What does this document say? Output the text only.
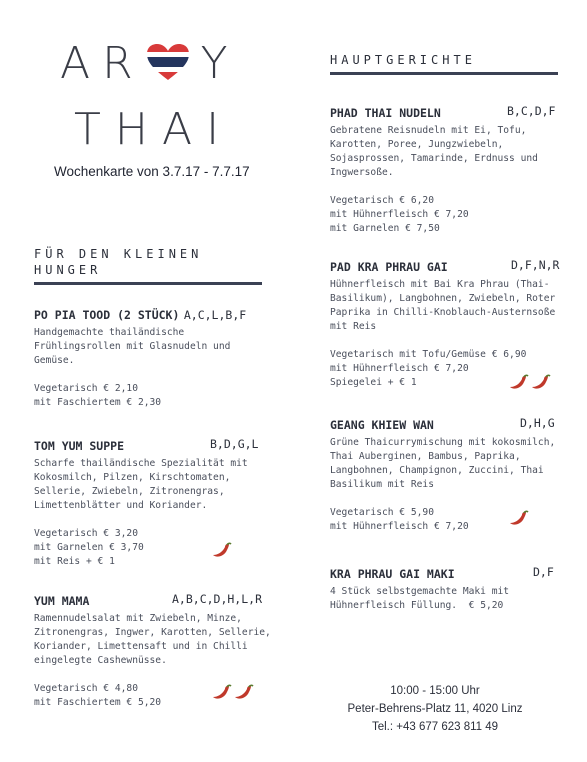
AR Y
THAI
Wochenkarte von 3.7.17 - 7.7.17
FÜR DEN KLEINEN
HUNGER
PO PIA TOOD (2 STÜCK) A,C,L,B,F
Handgemachte thailändische Frühlingsrollen mit Glasnudeln und Gemüse.

Vegetarisch € 2,10

mit Faschiertem € 2,30

TOM YUM SUPPE	B,D,G,L
Scharfe thailändische Spezialität mit Kokosmilch, Pilzen, Kirschtomaten, Sellerie, Zwiebeln, Zitronengras, Limettenblätter und Koriander.

Vegetarisch € 3,20

mit Garnelen € 3,70

mit Reis + € 1

YUM MAMA	A,B,C,D,H,L,R
Ramennudelsalat mit Zwiebeln, Minze, Zitronengras, Ingwer, Karotten, Sellerie, Koriander, Limettensaft und in Chilli eingelegte Cashewnüsse.

Vegetarisch € 4,80

mit Faschiertem € 5,20

HAUPTGERICHTE
PHAD THAI NUDELN	B,C,D,F
Gebratene Reisnudeln mit Ei, Tofu, Karotten, Poree, Jungzwiebeln, Sojasprossen, Tamarinde, Erdnuss und Ingwersoße.

Vegetarisch € 6,20

mit Hühnerfleisch € 7,20

mit Garnelen € 7,50

PAD KRA PHRAU GAI	D,F,N,R
Hühnerfleisch mit Bai Kra Phrau (Thai-Basilikum), Langbohnen, Zwiebeln, Roter Paprika in Chilli-Knoblauch-Austernsoße mit Reis

Vegetarisch mit Tofu/Gemüse € 6,90

mit Hühnerfleisch € 7,20

Spiegelei + € 1

GEANG KHIEW WAN	D,H,G
Grüne Thaicurrymischung mit kokosmilch, Thai Auberginen, Bambus, Paprika, Langbohnen, Champignon, Zuccini, Thai Basilikum mit Reis

Vegetarisch € 5,90

mit Hühnerfleisch € 7,20

KRA PHRAU GAI MAKI	D,F
4 Stück selbstgemachte Maki mit Hühnerfleisch Füllung. € 5,20
10:00 - 15:00 Uhr
Peter-Behrens-Platz 11, 4020 Linz
Tel.: +43 677 623 811 49
